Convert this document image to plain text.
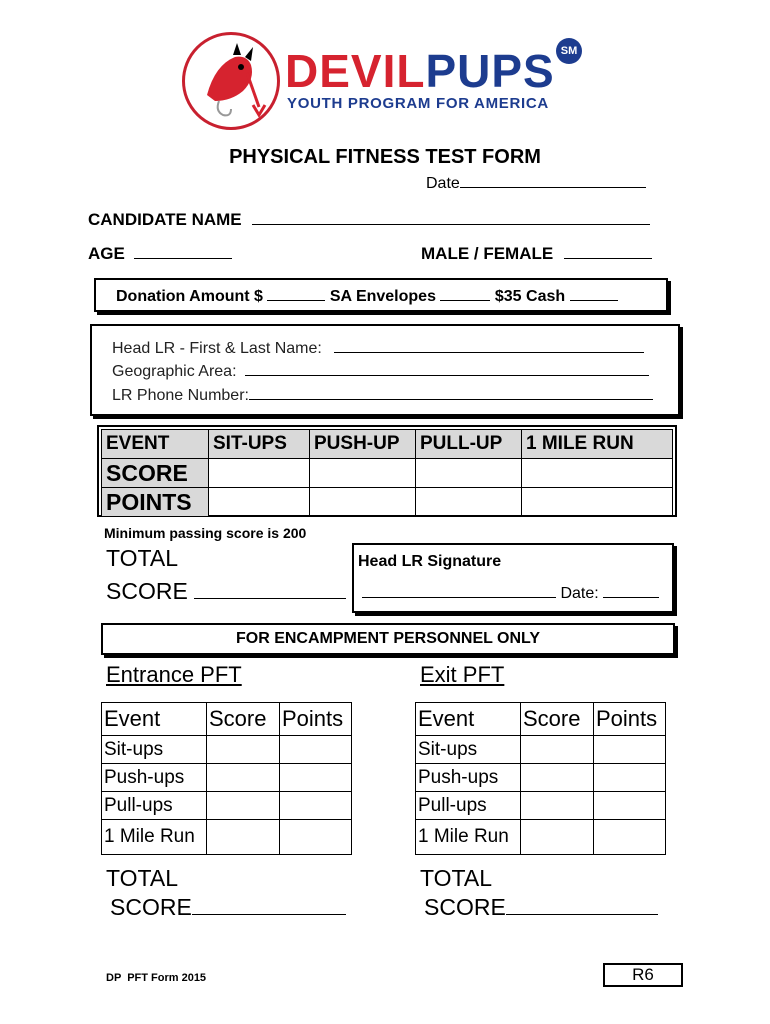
DEVILPUPS SM
YOUTH PROGRAM FOR AMERICA
PHYSICAL FITNESS TEST FORM
Date
CANDIDATE NAME
AGE	MALE / FEMALE
Donation Amount $	SA Envelopes	$35 Cash
Head LR - First & Last Name:
Geographic Area:
LR Phone Number:
EVENT	SIT-UPS	PUSH-UP	PULL-UP	1 MILE RUN
SCORE				
POINTS				
Minimum passing score is 200
TOTAL
SCORE
Head LR Signature
Date:
FOR ENCAMPMENT PERSONNEL ONLY
Entrance PFT
Event	Score	Points
Sit-ups		
Push-ups		
Pull-ups		
1 Mile Run		
Exit PFT
Event	Score	Points
Sit-ups		
Push-ups		
Pull-ups		
1 Mile Run		
TOTAL
SCORE
TOTAL
SCORE
DP  PFT Form 2015	R6
